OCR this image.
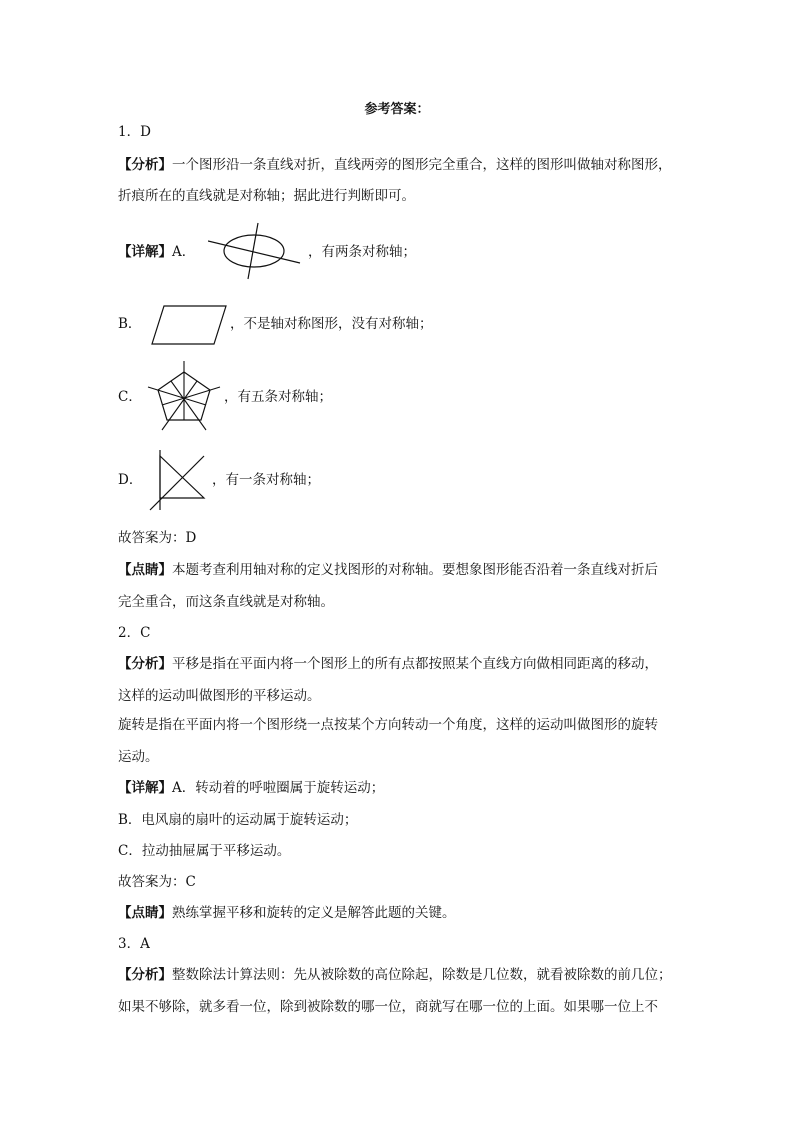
参考答案：
1．D
【分析】一个图形沿一条直线对折，直线两旁的图形完全重合，这样的图形叫做轴对称图形，
折痕所在的直线就是对称轴；据此进行判断即可。
【详解】A．	，有两条对称轴；
B．	，不是轴对称图形，没有对称轴；
C．	，有五条对称轴；
D．	，有一条对称轴；
故答案为：D
【点睛】本题考查利用轴对称的定义找图形的对称轴。要想象图形能否沿着一条直线对折后
完全重合，而这条直线就是对称轴。
2．C
【分析】平移是指在平面内将一个图形上的所有点都按照某个直线方向做相同距离的移动，
这样的运动叫做图形的平移运动。
旋转是指在平面内将一个图形绕一点按某个方向转动一个角度，这样的运动叫做图形的旋转
运动。
【详解】A．转动着的呼啦圈属于旋转运动；
B．电风扇的扇叶的运动属于旋转运动；
C．拉动抽屉属于平移运动。
故答案为：C
【点睛】熟练掌握平移和旋转的定义是解答此题的关键。
3．A
【分析】整数除法计算法则：先从被除数的高位除起，除数是几位数，就看被除数的前几位；
如果不够除，就多看一位，除到被除数的哪一位，商就写在哪一位的上面。如果哪一位上不
